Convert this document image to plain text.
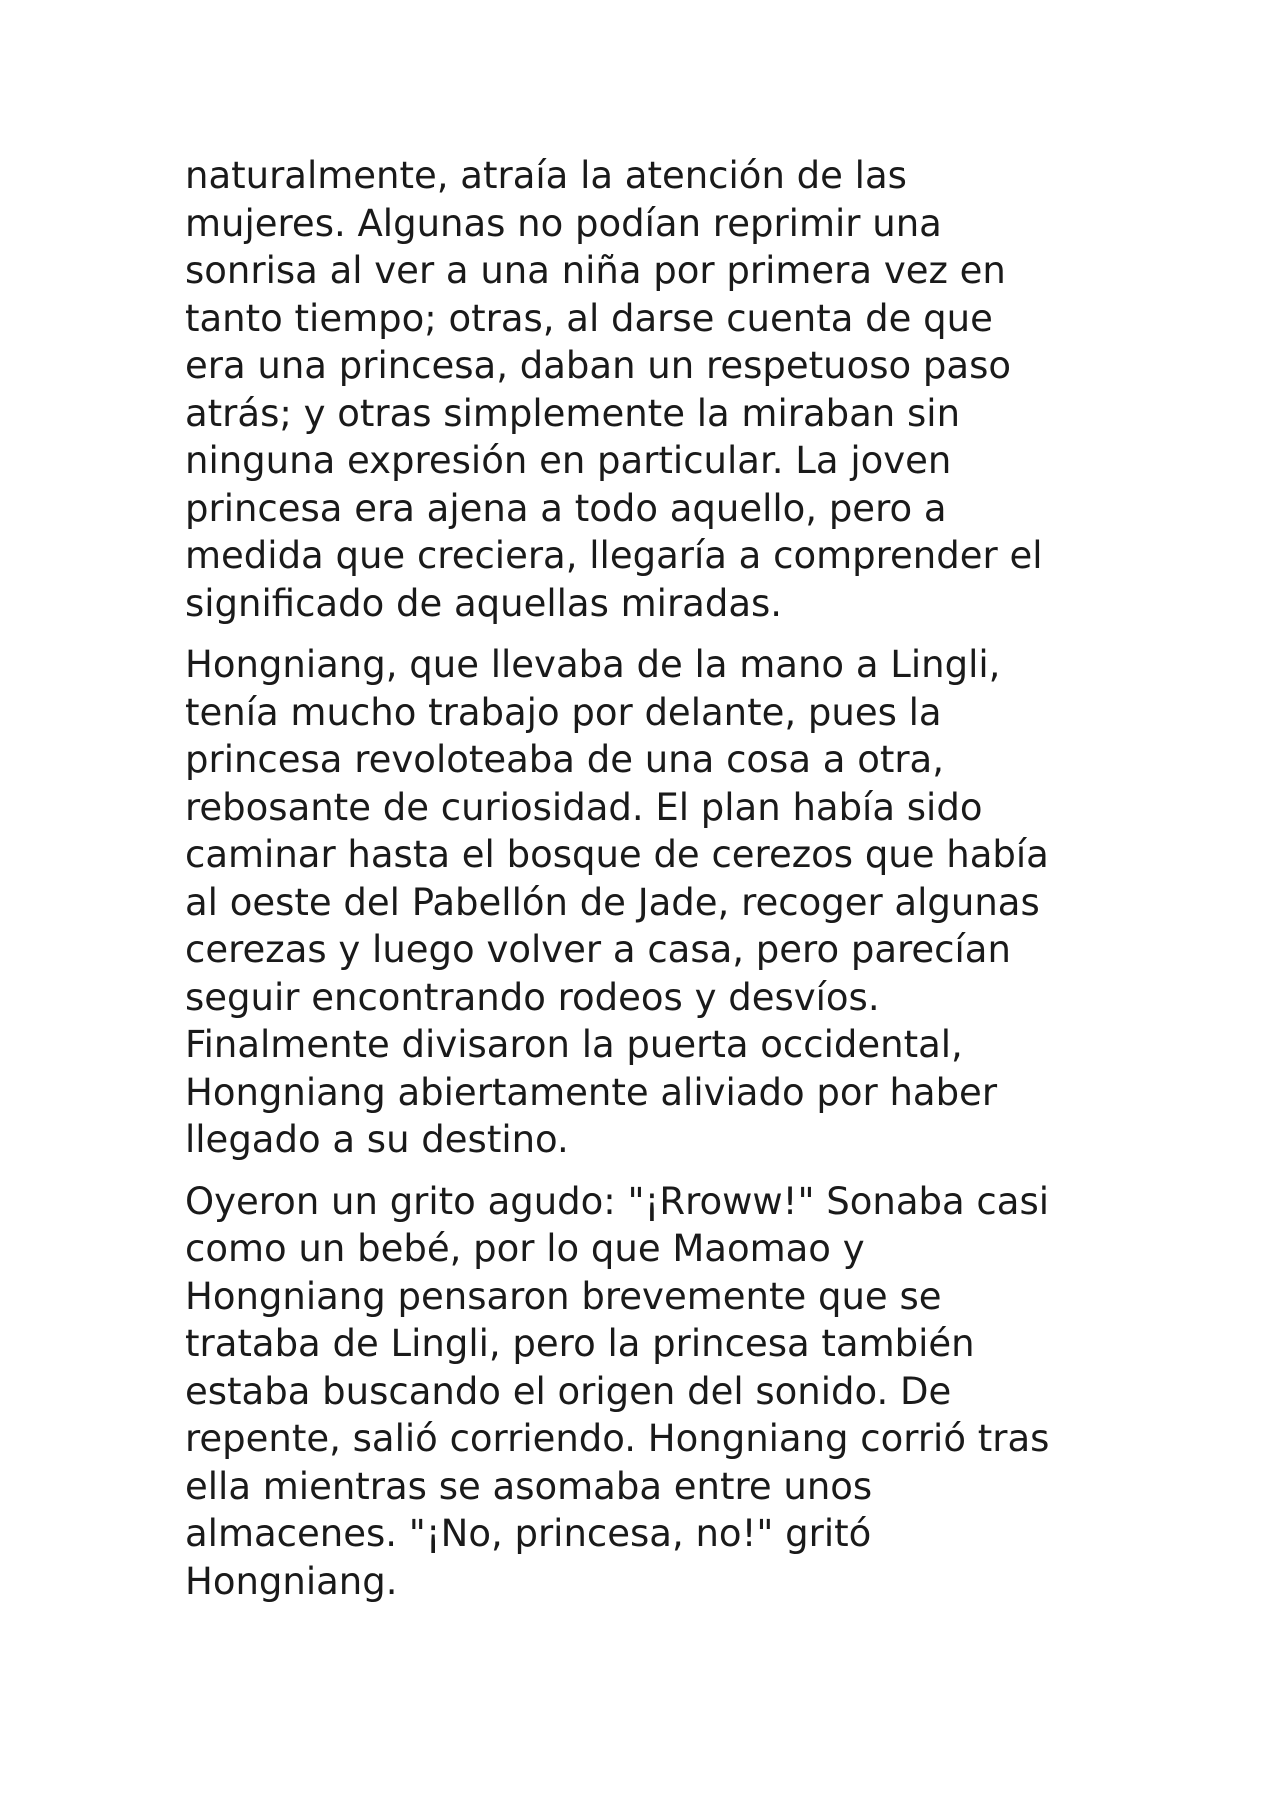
naturalmente, atraía la atención de las
mujeres. Algunas no podían reprimir una
sonrisa al ver a una niña por primera vez en
tanto tiempo; otras, al darse cuenta de que
era una princesa, daban un respetuoso paso
atrás; y otras simplemente la miraban sin
ninguna expresión en particular. La joven
princesa era ajena a todo aquello, pero a
medida que creciera, llegaría a comprender el
significado de aquellas miradas.

Hongniang, que llevaba de la mano a Lingli,
tenía mucho trabajo por delante, pues la
princesa revoloteaba de una cosa a otra,
rebosante de curiosidad. El plan había sido
caminar hasta el bosque de cerezos que había
al oeste del Pabellón de Jade, recoger algunas
cerezas y luego volver a casa, pero parecían
seguir encontrando rodeos y desvíos.
Finalmente divisaron la puerta occidental,
Hongniang abiertamente aliviado por haber
llegado a su destino.

Oyeron un grito agudo: "¡Rroww!" Sonaba casi
como un bebé, por lo que Maomao y
Hongniang pensaron brevemente que se
trataba de Lingli, pero la princesa también
estaba buscando el origen del sonido. De
repente, salió corriendo. Hongniang corrió tras
ella mientras se asomaba entre unos
almacenes. "¡No, princesa, no!" gritó
Hongniang.
